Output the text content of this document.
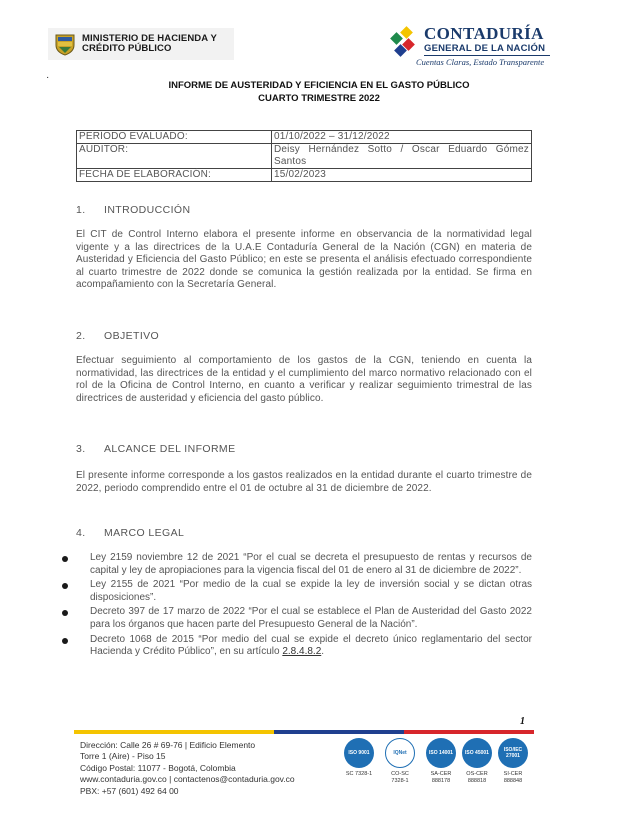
MINISTERIO DE HACIENDA Y
CRÉDITO PÚBLICO
CONTADURÍA
GENERAL DE LA NACIÓN
Cuentas Claras, Estado Transparente
·
INFORME DE AUSTERIDAD Y EFICIENCIA EN EL GASTO PÚBLICO
CUARTO TRIMESTRE 2022
PERÍODO EVALUADO:	01/10/2022 – 31/12/2022
AUDITOR:	Deisy Hernández Sotto / Oscar Eduardo Gómez Santos
FECHA DE ELABORACIÓN:	15/02/2023
1. INTRODUCCIÓN
El CIT de Control Interno elabora el presente informe en observancia de la normatividad legal vigente y a las directrices de la U.A.E Contaduría General de la Nación (CGN) en materia de Austeridad y Eficiencia del Gasto Público; en este se presenta el análisis efectuado correspondiente al cuarto trimestre de 2022 donde se comunica la gestión realizada por la entidad. Se firma en acompañamiento con la Secretaría General.
2. OBJETIVO
Efectuar seguimiento al comportamiento de los gastos de la CGN, teniendo en cuenta la normatividad, las directrices de la entidad y el cumplimiento del marco normativo relacionado con el rol de la Oficina de Control Interno, en cuanto a verificar y realizar seguimiento trimestral de las directrices de austeridad y eficiencia del gasto público.
3. ALCANCE DEL INFORME
El presente informe corresponde a los gastos realizados en la entidad durante el cuarto trimestre de 2022, periodo comprendido entre el 01 de octubre al 31 de diciembre de 2022.
4. MARCO LEGAL
Ley 2159 noviembre 12 de 2021 “Por el cual se decreta el presupuesto de rentas y recursos de capital y ley de apropiaciones para la vigencia fiscal del 01 de enero al 31 de diciembre de 2022”.
Ley 2155 de 2021 “Por medio de la cual se expide la ley de inversión social y se dictan otras disposiciones”.
Decreto 397 de 17 marzo de 2022 “Por el cual se establece el Plan de Austeridad del Gasto 2022 para los órganos que hacen parte del Presupuesto General de la Nación”.
Decreto 1068 de 2015 “Por medio del cual se expide el decreto único reglamentario del sector Hacienda y Crédito Público”, en su artículo 2.8.4.8.2.
1
Dirección: Calle 26 # 69-76 | Edificio Elemento
Torre 1 (Aire) - Piso 15
Código Postal: 11077 - Bogotá, Colombia
www.contaduria.gov.co | contactenos@contaduria.gov.co
PBX: +57 (601) 492 64 00
ISO 9001
SC 7328-1
IQNet
CO-SC 7328-1
ISO 14001
SA-CER 888178
ISO 45001
OS-CER 888818
ISO/IEC 27001
SI-CER 888848
